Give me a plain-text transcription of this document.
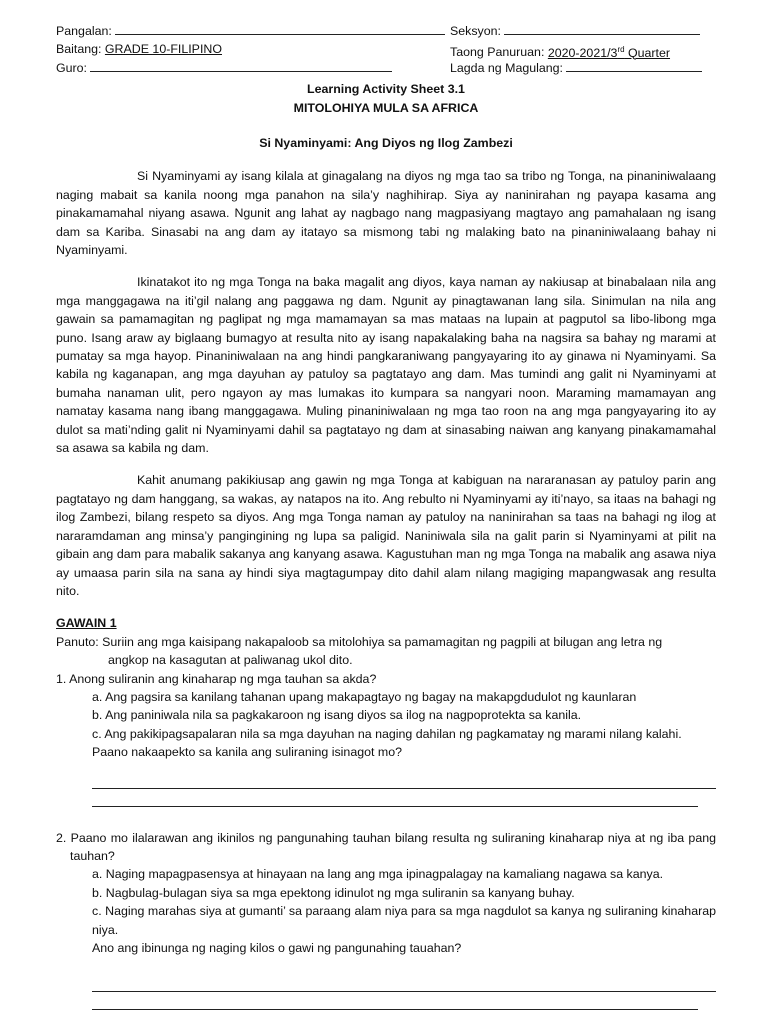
Pangalan:	Seksyon:
Baitang: GRADE 10-FILIPINO	Taong Panuruan: 2020-2021/3rd Quarter
Guro:	Lagda ng Magulang:
Learning Activity Sheet 3.1
MITOLOHIYA MULA SA AFRICA
Si Nyaminyami: Ang Diyos ng Ilog Zambezi

Si Nyaminyami ay isang kilala at ginagalang na diyos ng mga tao sa tribo ng Tonga, na pinaniniwalaang naging mabait sa kanila noong mga panahon na sila’y naghihirap. Siya ay naninirahan ng payapa kasama ang pinakamamahal niyang asawa. Ngunit ang lahat ay nagbago nang magpasiyang magtayo ang pamahalaan ng isang dam sa Kariba. Sinasabi na ang dam ay itatayo sa mismong tabi ng malaking bato na pinaniniwalaang bahay ni Nyaminyami.

Ikinatakot ito ng mga Tonga na baka magalit ang diyos, kaya naman ay nakiusap at binabalaan nila ang mga manggagawa na iti’gil nalang ang paggawa ng dam. Ngunit ay pinagtawanan lang sila. Sinimulan na nila ang gawain sa pamamagitan ng paglipat ng mga mamamayan sa mas mataas na lupain at pagputol sa libo-libong mga puno. Isang araw ay biglaang bumagyo at resulta nito ay isang napakalaking baha na nagsira sa bahay ng marami at pumatay sa mga hayop. Pinaniniwalaan na ang hindi pangkaraniwang pangyayaring ito ay ginawa ni Nyaminyami. Sa kabila ng kaganapan, ang mga dayuhan ay patuloy sa pagtatayo ang dam. Mas tumindi ang galit ni Nyaminyami at bumaha nanaman ulit, pero ngayon ay mas lumakas ito kumpara sa nangyari noon. Maraming mamamayan ang namatay kasama nang ibang manggagawa. Muling pinaniniwalaan ng mga tao roon na ang mga pangyayaring ito ay dulot sa mati’nding galit ni Nyaminyami dahil sa pagtatayo ng dam at sinasabing naiwan ang kanyang pinakamamahal sa asawa sa kabila ng dam.

Kahit anumang pakikiusap ang gawin ng mga Tonga at kabiguan na nararanasan ay patuloy parin ang pagtatayo ng dam hanggang, sa wakas, ay natapos na ito. Ang rebulto ni Nyaminyami ay iti’nayo, sa itaas na bahagi ng ilog Zambezi, bilang respeto sa diyos. Ang mga Tonga naman ay patuloy na naninirahan sa taas na bahagi ng ilog at nararamdaman ang minsa’y pangingining ng lupa sa paligid. Naniniwala sila na galit parin si Nyaminyami at pilit na gibain ang dam para mabalik sakanya ang kanyang asawa. Kagustuhan man ng mga Tonga na mabalik ang asawa niya ay umaasa parin sila na sana ay hindi siya magtagumpay dito dahil alam nilang magiging mapangwasak ang resulta nito.

GAWAIN 1
Panuto: Suriin ang mga kaisipang nakapaloob sa mitolohiya sa pamamagitan ng pagpili at bilugan ang letra ng
angkop na kasagutan at paliwanag ukol dito.
1. Anong suliranin ang kinaharap ng mga tauhan sa akda?
a. Ang pagsira sa kanilang tahanan upang makapagtayo ng bagay na makapgdudulot ng kaunlaran
b. Ang paniniwala nila sa pagkakaroon ng isang diyos sa ilog na nagpoprotekta sa kanila.
c. Ang pakikipagsapalaran nila sa mga dayuhan na naging dahilan ng pagkamatay ng marami nilang kalahi.
Paano nakaapekto sa kanila ang suliraning isinagot mo?
2. Paano mo ilalarawan ang ikinilos ng pangunahing tauhan bilang resulta ng suliraning kinaharap niya at ng iba pang tauhan?
a. Naging mapagpasensya at hinayaan na lang ang mga ipinagpalagay na kamaliang nagawa sa kanya.
b. Nagbulag-bulagan siya sa mga epektong idinulot ng mga suliranin sa kanyang buhay.
c. Naging marahas siya at gumanti’ sa paraang alam niya para sa mga nagdulot sa kanya ng suliraning kinaharap niya.
Ano ang ibinunga ng naging kilos o gawi ng pangunahing tauahan?
